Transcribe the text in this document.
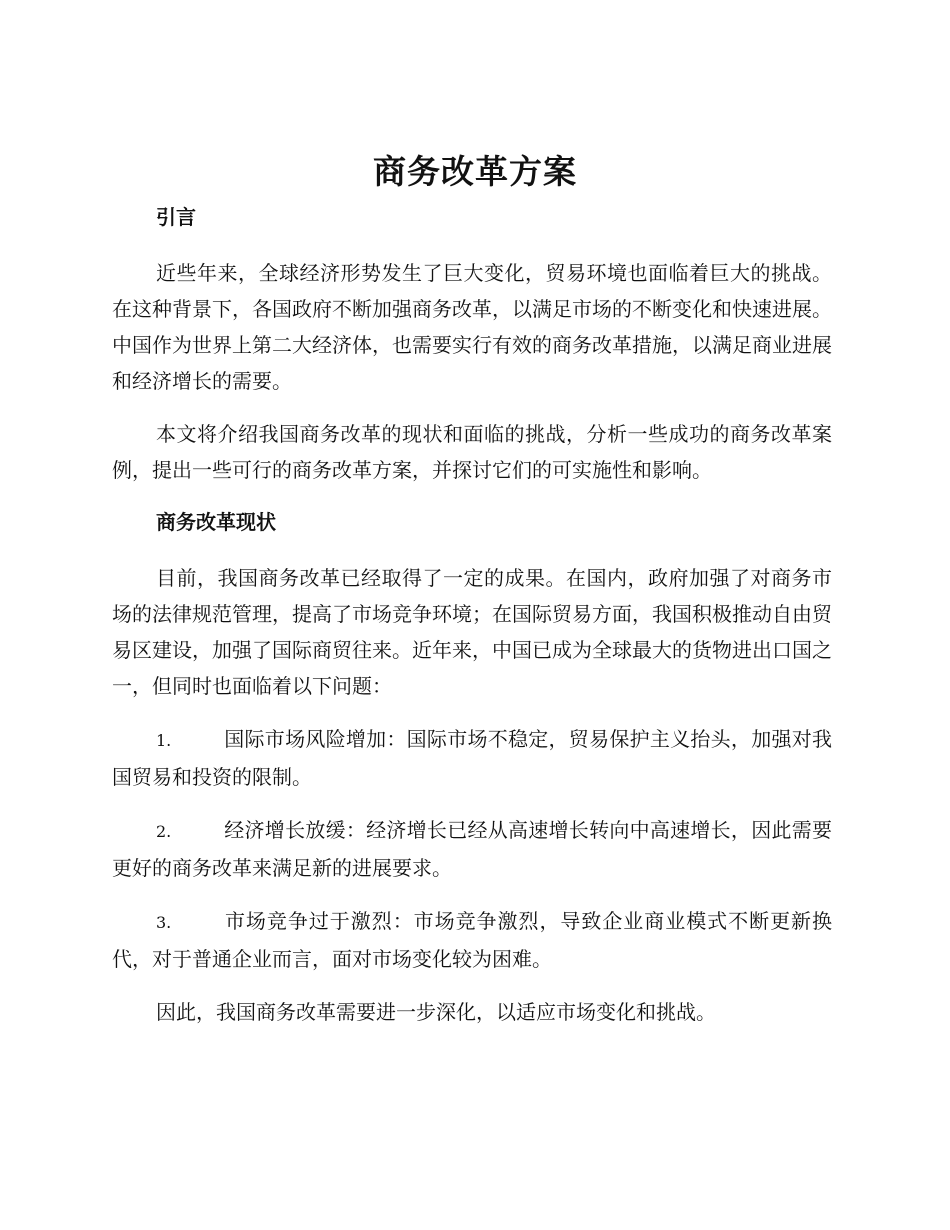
商务改革方案
引言

近些年来，全球经济形势发生了巨大变化，贸易环境也面临着巨大的挑战。在这种背景下，各国政府不断加强商务改革，以满足市场的不断变化和快速进展。中国作为世界上第二大经济体，也需要实行有效的商务改革措施，以满足商业进展和经济增长的需要。

本文将介绍我国商务改革的现状和面临的挑战，分析一些成功的商务改革案例，提出一些可行的商务改革方案，并探讨它们的可实施性和影响。

商务改革现状

目前，我国商务改革已经取得了一定的成果。在国内，政府加强了对商务市场的法律规范管理，提高了市场竞争环境；在国际贸易方面，我国积极推动自由贸易区建设，加强了国际商贸往来。近年来，中国已成为全球最大的货物进出口国之一，但同时也面临着以下问题：

1.	国际市场风险增加：国际市场不稳定，贸易保护主义抬头，加强对我国贸易和投资的限制。
2.	经济增长放缓：经济增长已经从高速增长转向中高速增长，因此需要更好的商务改革来满足新的进展要求。
3.	市场竞争过于激烈：市场竞争激烈，导致企业商业模式不断更新换代，对于普通企业而言，面对市场变化较为困难。

因此，我国商务改革需要进一步深化，以适应市场变化和挑战。
